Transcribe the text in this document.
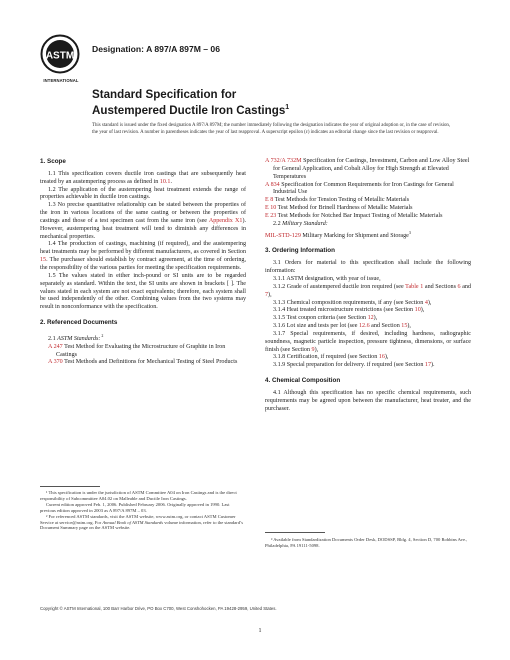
ASTM
INTERNATIONAL
Designation: A 897/A 897M – 06
Standard Specification for
Austempered Ductile Iron Castings$^1$
This standard is issued under the fixed designation A 897/A 897M; the number immediately following the designation indicates the year of original adoption or, in the case of revision, the year of last revision. A number in parentheses indicates the year of last reapproval. A superscript epsilon (ε) indicates an editorial change since the last revision or reapproval.
1. Scope
1.1 This specification covers ductile iron castings that are subsequently heat treated by an austempering process as defined in 10.1.
1.2 The application of the austempering heat treatment extends the range of properties achievable in ductile iron castings.
1.3 No precise quantitative relationship can be stated between the properties of the iron in various locations of the same casting or between the properties of castings and those of a test specimen cast from the same iron (see Appendix X1). However, austempering heat treatment will tend to diminish any differences in mechanical properties.
1.4 The production of castings, machining (if required), and the austempering heat treatments may be performed by different manufacturers, as covered in Section 15. The purchaser should establish by contract agreement, at the time of ordering, the responsibility of the various parties for meeting the specification requirements.
1.5 The values stated in either inch-pound or SI units are to be regarded separately as standard. Within the text, the SI units are shown in brackets [ ]. The values stated in each system are not exact equivalents; therefore, each system shall be used independently of the other. Combining values from the two systems may result in nonconformance with the specification.
2. Referenced Documents
2.1 ASTM Standards: $^2$
A 247 Test Method for Evaluating the Microstructure of Graphite in Iron Castings
A 370 Test Methods and Definitions for Mechanical Testing of Steel Products

¹ This specification is under the jurisdiction of ASTM Committee A04 on Iron Castings and is the direct responsibility of Subcommittee A04.02 on Malleable and Ductile Iron Castings.

Current edition approved Feb. 1, 2006. Published February 2006. Originally approved in 1990. Last previous edition approved in 2003 as A 897/A 897M – 03.

² For referenced ASTM standards, visit the ASTM website, www.astm.org, or contact ASTM Customer Service at service@astm.org. For Annual Book of ASTM Standards volume information, refer to the standard’s Document Summary page on the ASTM website.

A 732/A 732M Specification for Castings, Investment, Carbon and Low Alloy Steel for General Application, and Cobalt Alloy for High Strength at Elevated Temperatures
A 834 Specification for Common Requirements for Iron Castings for General Industrial Use
E 8 Test Methods for Tension Testing of Metallic Materials
E 10 Test Method for Brinell Hardness of Metallic Materials
E 23 Test Methods for Notched Bar Impact Testing of Metallic Materials
2.2 Military Standard:
MIL-STD-129 Military Marking for Shipment and Storage$^3$
3. Ordering Information
3.1 Orders for material to this specification shall include the following information:
3.1.1 ASTM designation, with year of issue,
3.1.2 Grade of austempered ductile iron required (see Table 1 and Sections 6 and 7),
3.1.3 Chemical composition requirements, if any (see Section 4),
3.1.4 Heat treated microstructure restrictions (see Section 10),
3.1.5 Test coupon criteria (see Section 12),
3.1.6 Lot size and tests per lot (see 12.6 and Section 15),
3.1.7 Special requirements, if desired, including hardness, radiographic soundness, magnetic particle inspection, pressure tightness, dimensions, or surface finish (see Section 9),
3.1.8 Certification, if required (see Section 16),
3.1.9 Special preparation for delivery. if required (see Section 17).
4. Chemical Composition
4.1 Although this specification has no specific chemical requirements, such requirements may be agreed upon between the manufacturer, heat treater, and the purchaser.

³ Available from Standardization Documents Order Desk, DODSSP, Bldg. 4, Section D, 700 Robbins Ave., Philadelphia, PA 19111-5098.

Copyright © ASTM International, 100 Barr Harbor Drive, PO Box C700, West Conshohocken, PA 19428-2959, United States.
1
